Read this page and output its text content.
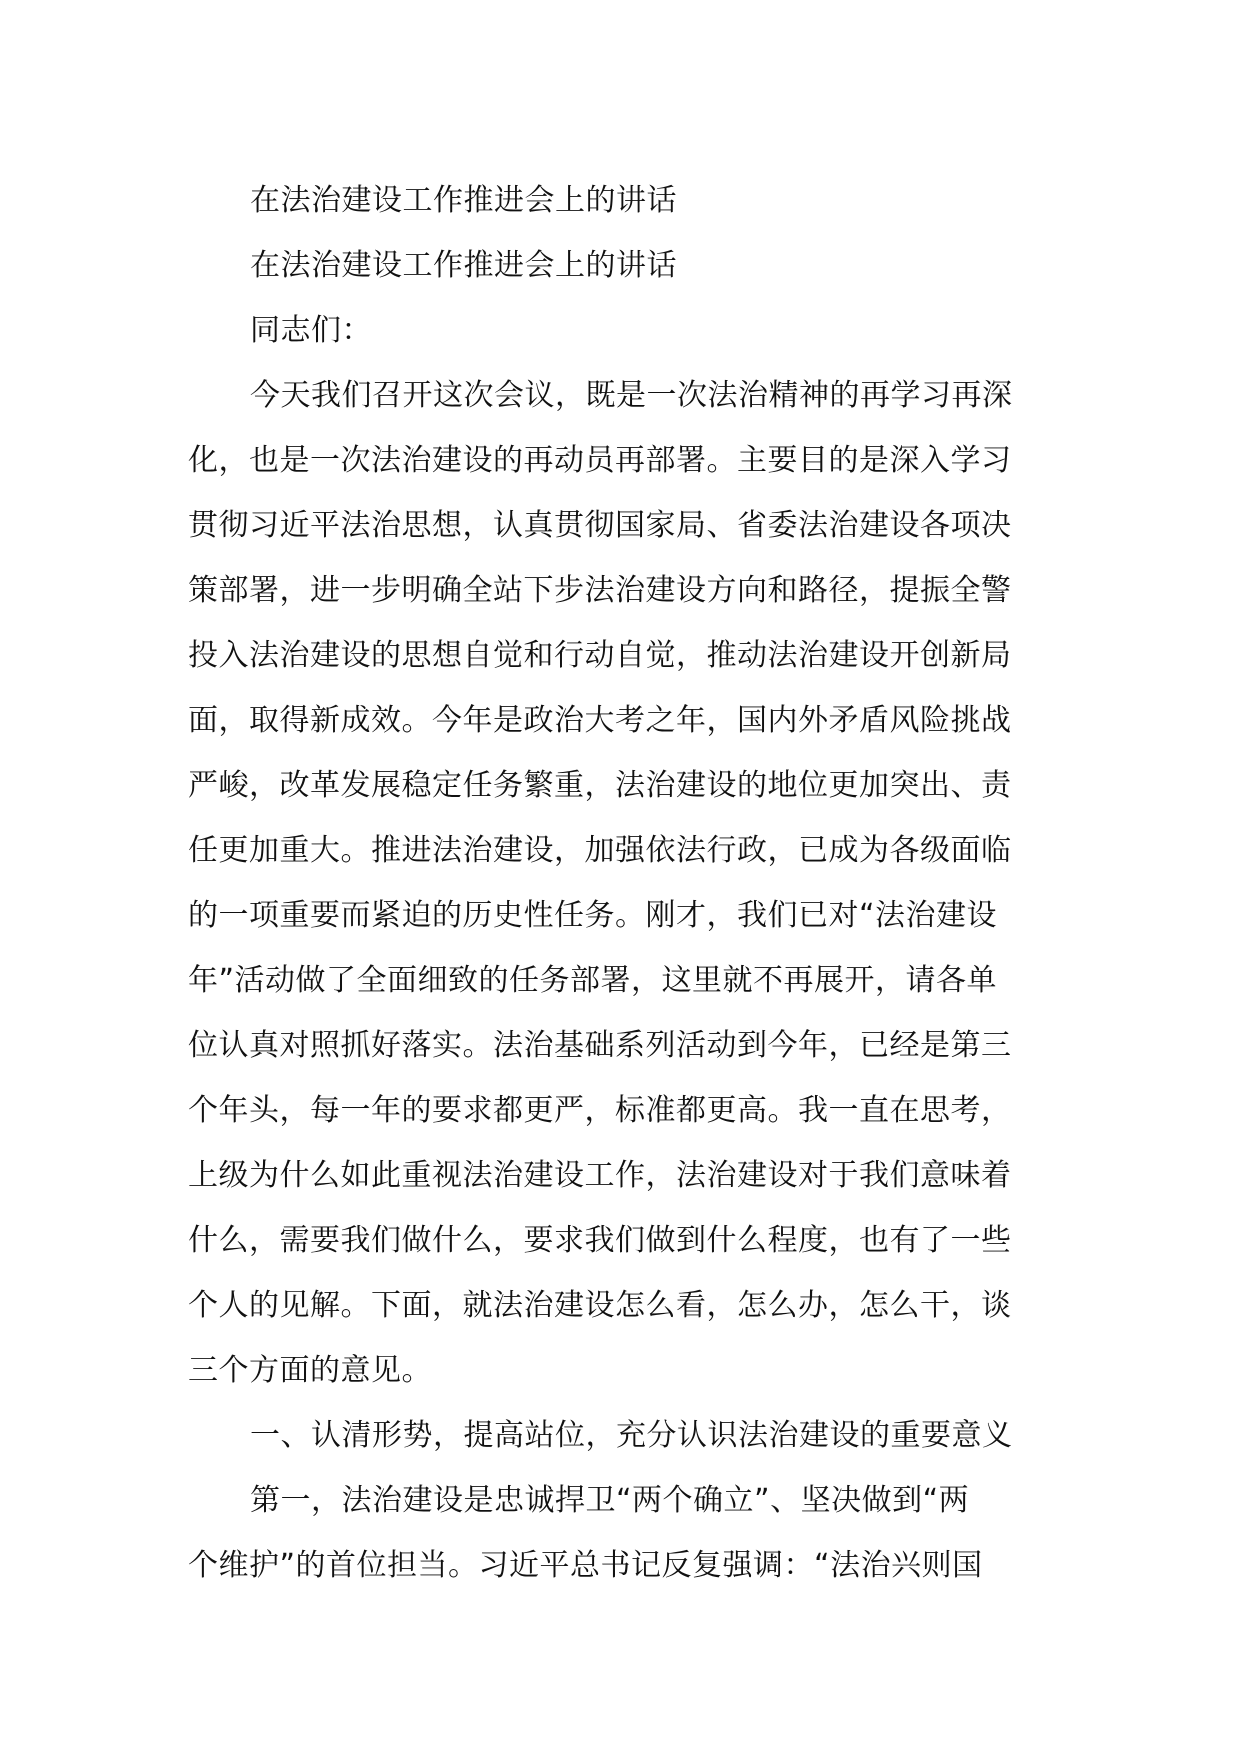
在法治建设工作推进会上的讲话
在法治建设工作推进会上的讲话
同志们：
今天我们召开这次会议，既是一次法治精神的再学习再深
化，也是一次法治建设的再动员再部署。主要目的是深入学习
贯彻习近平法治思想，认真贯彻国家局、省委法治建设各项决
策部署，进一步明确全站下步法治建设方向和路径，提振全警
投入法治建设的思想自觉和行动自觉，推动法治建设开创新局
面，取得新成效。今年是政治大考之年，国内外矛盾风险挑战
严峻，改革发展稳定任务繁重，法治建设的地位更加突出、责
任更加重大。推进法治建设，加强依法行政，已成为各级面临
的一项重要而紧迫的历史性任务。刚才，我们已对“法治建设
年”活动做了全面细致的任务部署，这里就不再展开，请各单
位认真对照抓好落实。法治基础系列活动到今年，已经是第三
个年头，每一年的要求都更严，标准都更高。我一直在思考，
上级为什么如此重视法治建设工作，法治建设对于我们意味着
什么，需要我们做什么，要求我们做到什么程度，也有了一些
个人的见解。下面，就法治建设怎么看，怎么办，怎么干，谈
三个方面的意见。
一、认清形势，提高站位，充分认识法治建设的重要意义
第一，法治建设是忠诚捍卫“两个确立”、坚决做到“两
个维护”的首位担当。习近平总书记反复强调：“法治兴则国
